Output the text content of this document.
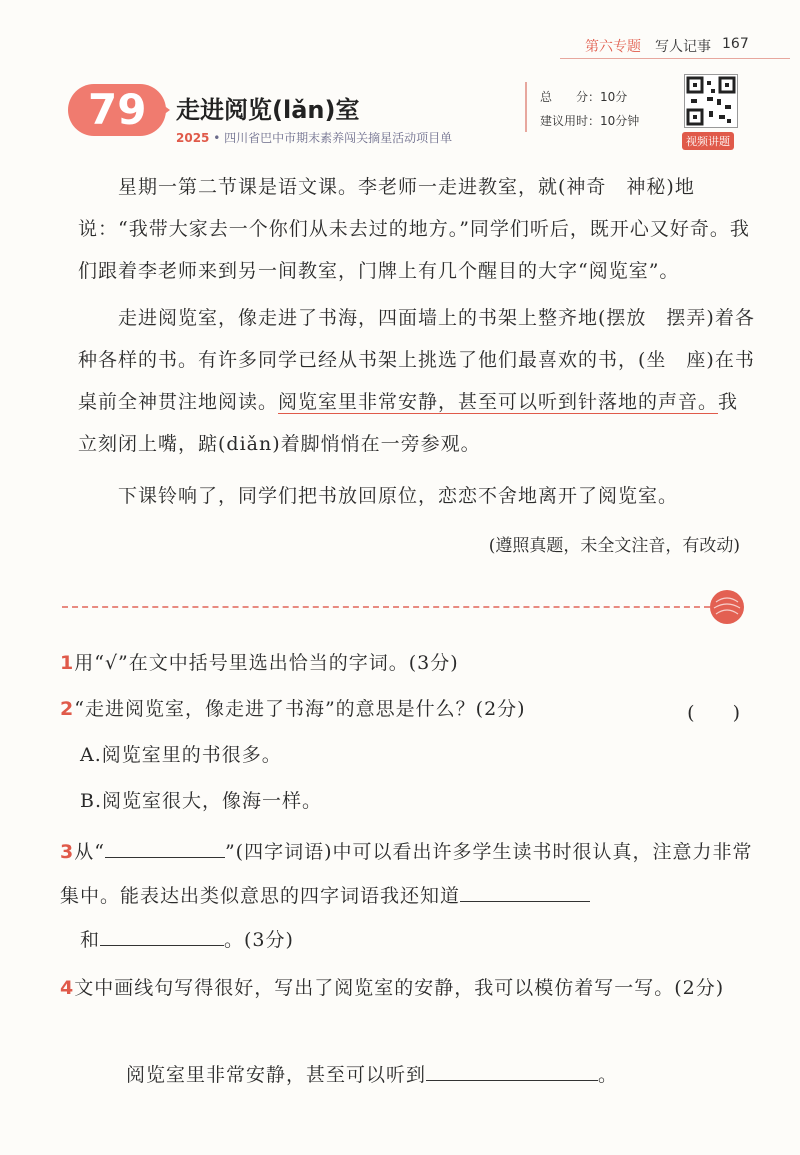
第六专题 写人记事 167
79	走进阅览(lǎn)室
2025 • 四川省巴中市期末素养闯关摘星活动项目单
总　　分：10分
建议用时：10分钟
视频讲题
星期一第二节课是语文课。李老师一走进教室，就(神奇　神秘)地说：“我带大家去一个你们从未去过的地方。”同学们听后，既开心又好奇。我们跟着李老师来到另一间教室，门牌上有几个醒目的大字“阅览室”。
走进阅览室，像走进了书海，四面墙上的书架上整齐地(摆放　摆弄)着各种各样的书。有许多同学已经从书架上挑选了他们最喜欢的书，(坐　座)在书桌前全神贯注地阅读。阅览室里非常安静，甚至可以听到针落地的声音。我立刻闭上嘴，踮(diǎn)着脚悄悄在一旁参观。
下课铃响了，同学们把书放回原位，恋恋不舍地离开了阅览室。
(遵照真题，未全文注音，有改动)
1用“√”在文中括号里选出恰当的字词。(3分)
2“走进阅览室，像走进了书海”的意思是什么？(2分)	(　　)
A.阅览室里的书很多。
B.阅览室很大，像海一样。
3从“	”(四字词语)中可以看出许多学生读书时很认真，注意力非常集中。能表达出类似意思的四字词语我还知道
和	。(3分)
4文中画线句写得很好，写出了阅览室的安静，我可以模仿着写一写。(2分)
阅览室里非常安静，甚至可以听到	。
